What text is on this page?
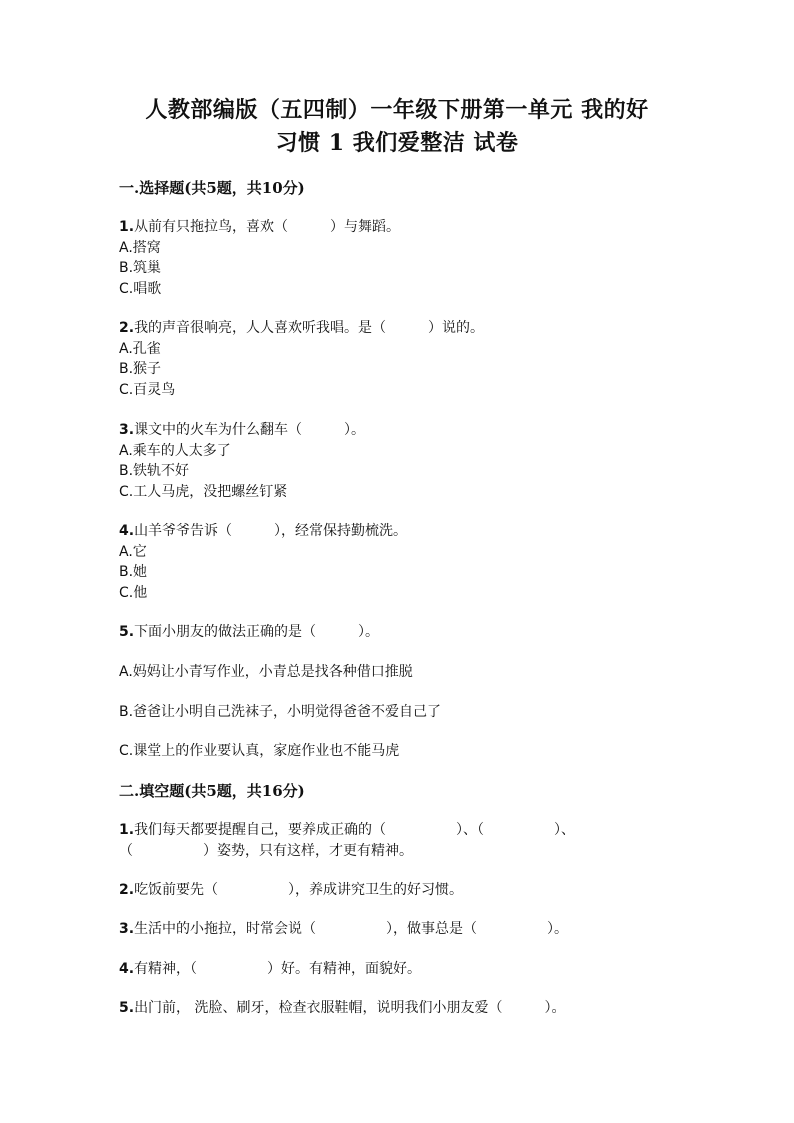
人教部编版（五四制）一年级下册第一单元 我的好
习惯 1 我们爱整洁 试卷
一.选择题(共5题，共10分)
1.从前有只拖拉鸟，喜欢（　　　）与舞蹈。
A.搭窝
B.筑巢
C.唱歌
2.我的声音很响亮，人人喜欢听我唱。是（　　　）说的。
A.孔雀
B.猴子
C.百灵鸟
3.课文中的火车为什么翻车（　　　）。
A.乘车的人太多了
B.铁轨不好
C.工人马虎，没把螺丝钉紧
4.山羊爷爷告诉（　　　），经常保持勤梳洗。
A.它
B.她
C.他
5.下面小朋友的做法正确的是（　　　）。
A.妈妈让小青写作业，小青总是找各种借口推脱
B.爸爸让小明自己洗袜子，小明觉得爸爸不爱自己了
C.课堂上的作业要认真，家庭作业也不能马虎
二.填空题(共5题，共16分)
1.我们每天都要提醒自己，要养成正确的（　　　　　）、（　　　　　）、
（　　　　　）姿势，只有这样，才更有精神。
2.吃饭前要先（　　　　　），养成讲究卫生的好习惯。
3.生活中的小拖拉，时常会说（　　　　　），做事总是（　　　　　）。
4.有精神，（　　　　　）好。有精神，面貌好。
5.出门前， 洗脸、刷牙，检查衣服鞋帽，说明我们小朋友爱（　　　）。
